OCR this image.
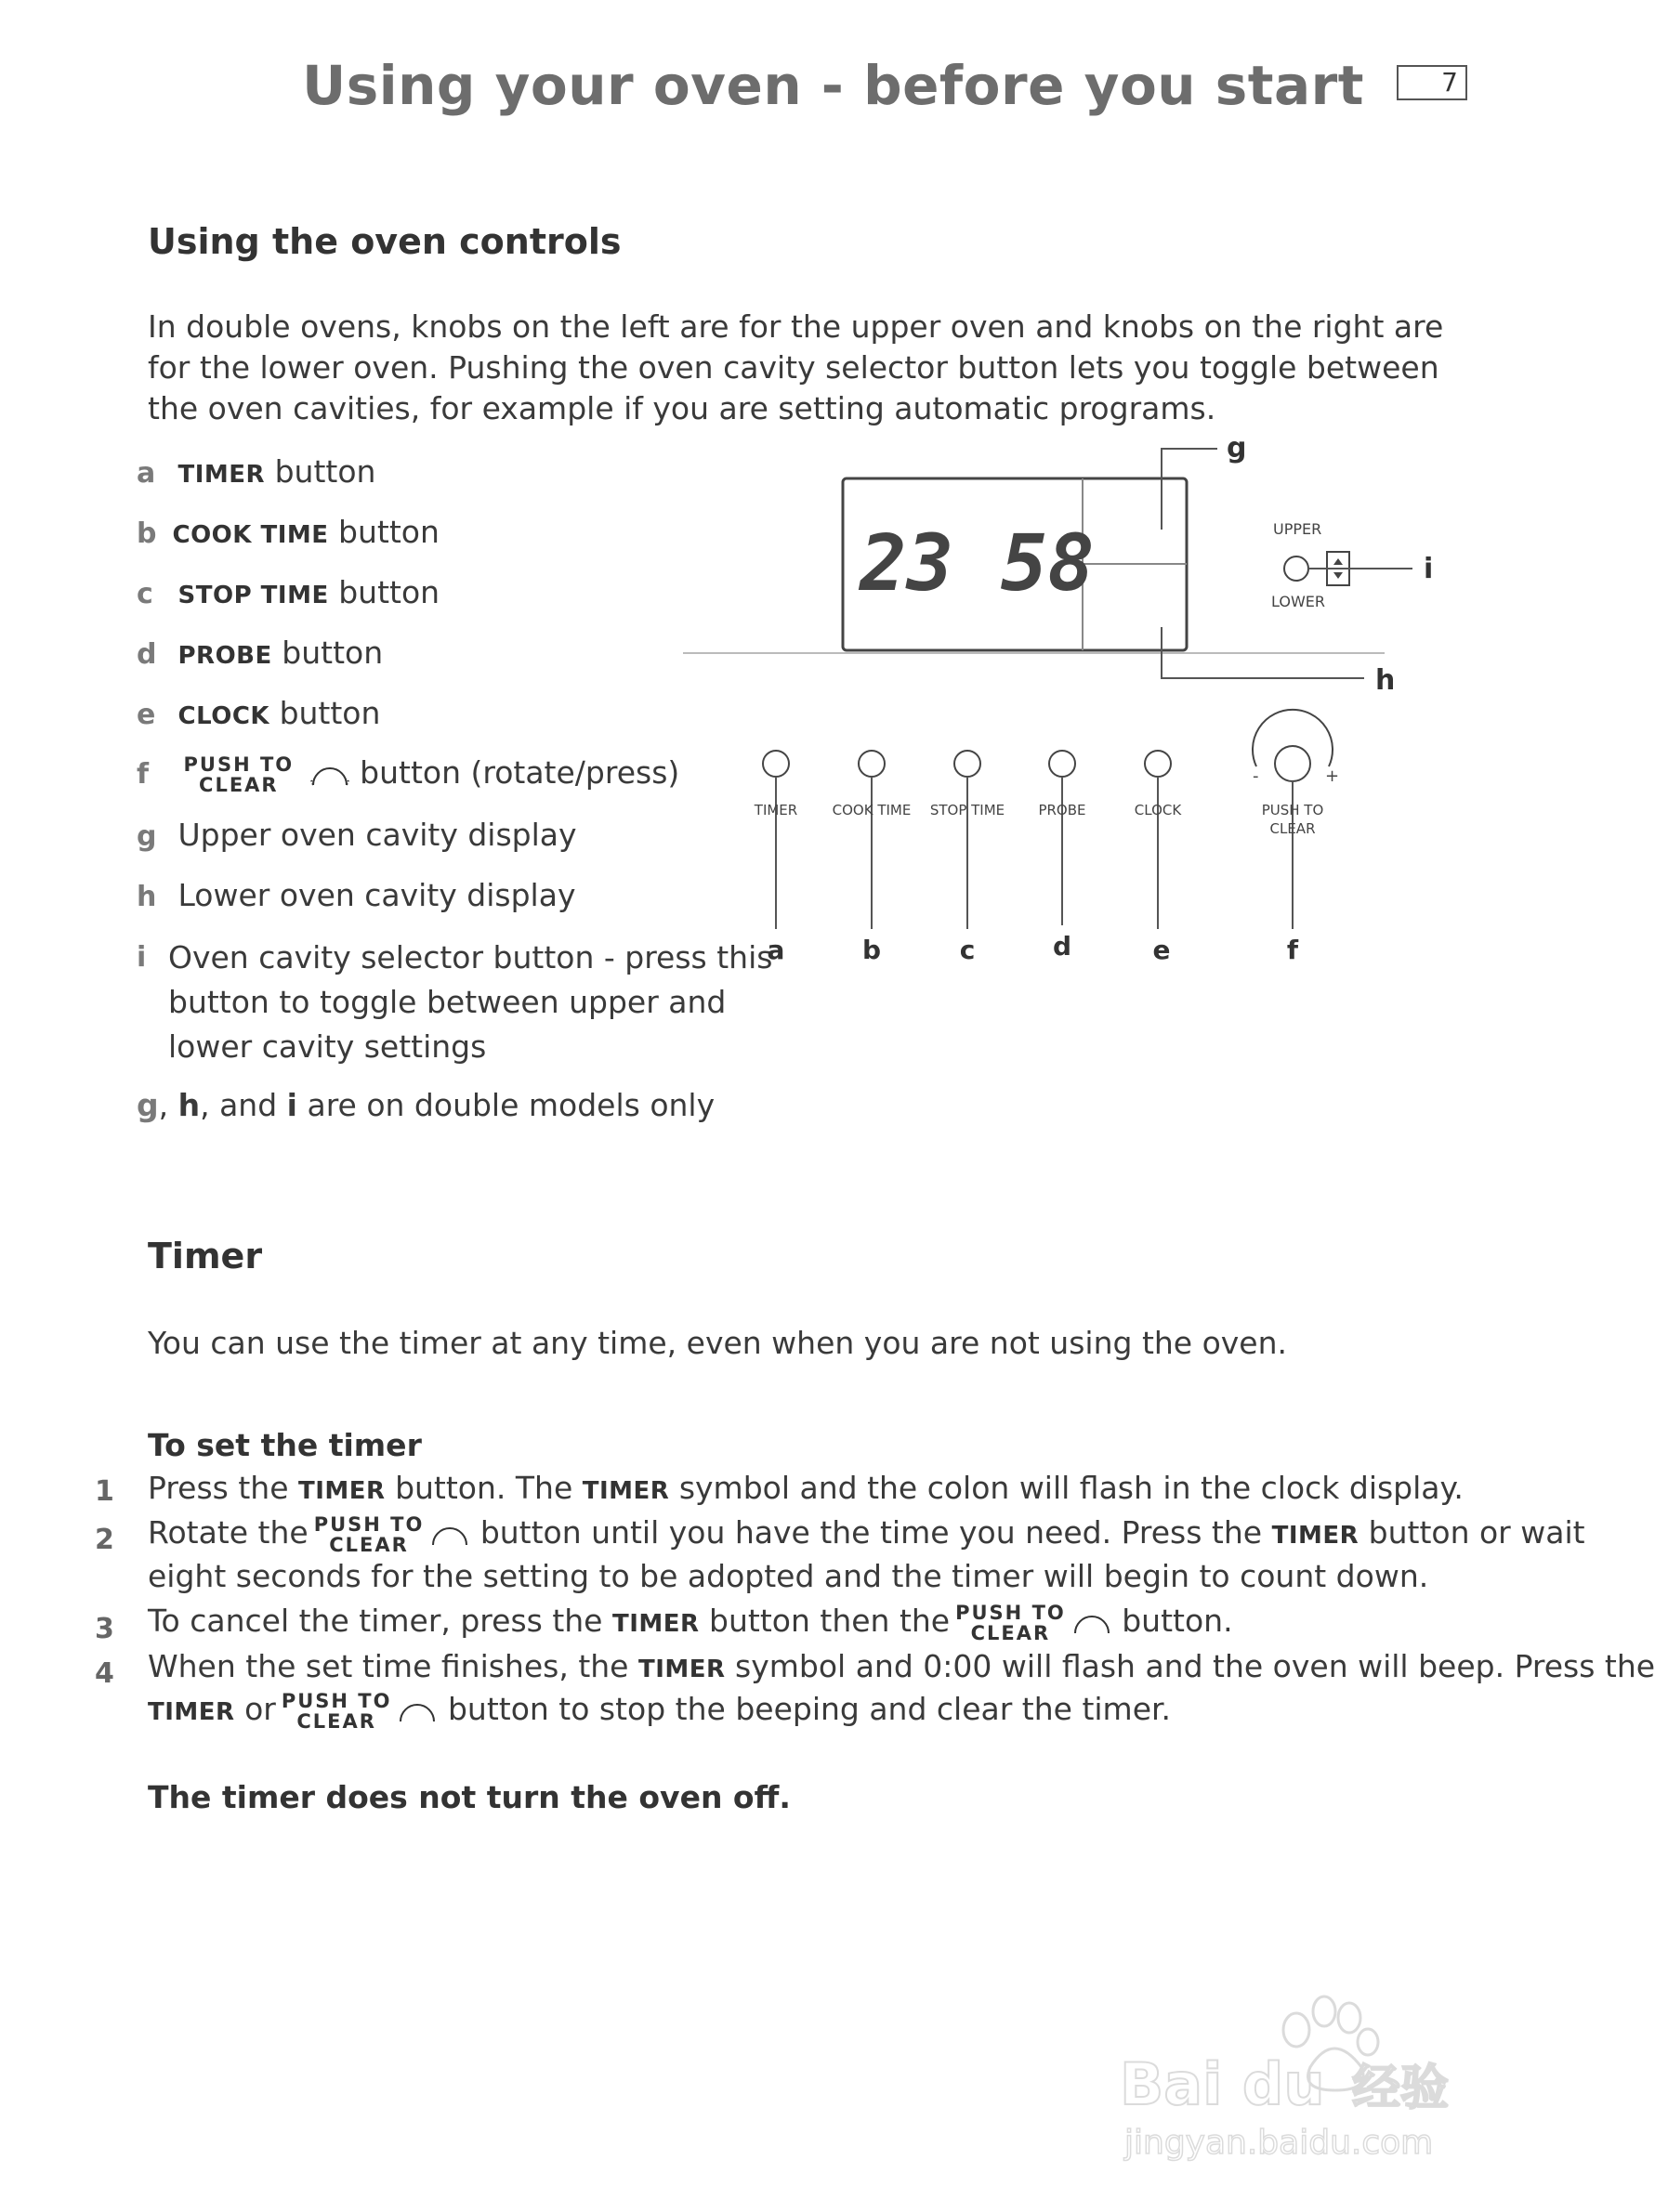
Using your oven - before you start	7
Using the oven controls
In double ovens, knobs on the left are for the upper oven and knobs on the right are for the lower oven. Pushing the oven cavity selector button lets you toggle between the oven cavities, for example if you are setting automatic programs.
a TIMER button
b COOK TIME button
c STOP TIME button
d PROBE button
e CLOCK button
f PUSH TO
CLEAR	button (rotate/press)
g Upper oven cavity display
h Lower oven cavity display
i Oven cavity selector button - press this
button to toggle between upper and
lower cavity settings
g, h, and i are on double models only
23 58
g
h
UPPER
i
LOWER
TIMER
a
COOK TIME
b
STOP TIME
c
PROBE
d
CLOCK
e
-	+
PUSH TO
CLEAR
f
Timer
You can use the timer at any time, even when you are not using the oven.
To set the timer
1 Press the TIMER button. The TIMER symbol and the colon will flash in the clock display.
2 Rotate the PUSH TO
CLEAR button until you have the time you need. Press the TIMER button or wait
eight seconds for the setting to be adopted and the timer will begin to count down.
3 To cancel the timer, press the TIMER button then the PUSH TO
CLEAR button.
4 When the set time finishes, the TIMER symbol and 0:00 will flash and the oven will beep. Press the
TIMER or PUSH TO
CLEAR button to stop the beeping and clear the timer.
The timer does not turn the oven off.
Bai du 经验
jingyan.baidu.com
